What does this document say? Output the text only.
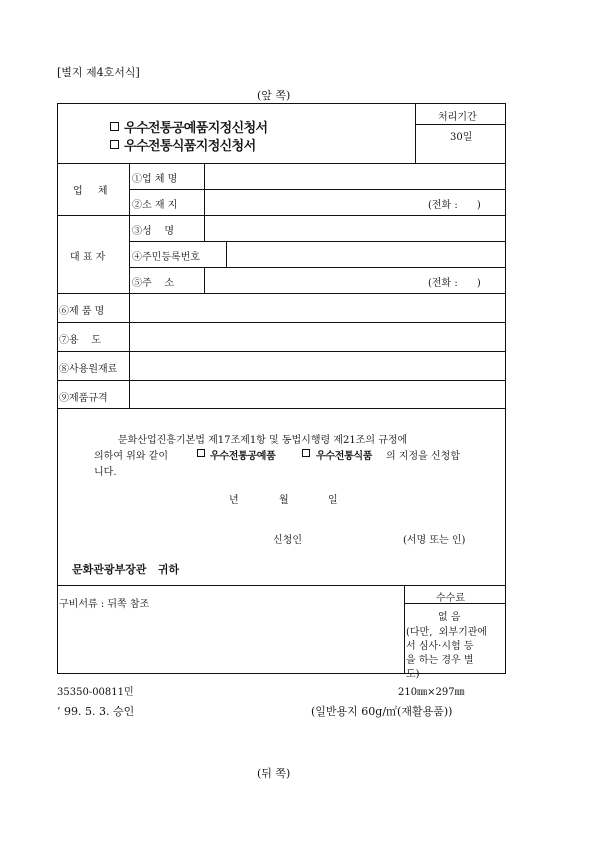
[별지 제4호서식]
(앞 쪽)
우수전통공예품지정신청서
우수전통식품지정신청서
처리기간
30일
업 체
①업 체 명
②소 재 지	(전화 :      )
대 표 자
③성    명
④주민등록번호
⑤주    소	(전화 :      )
⑥제 품 명
⑦용    도
⑧사용원재료
⑨제품규격
문화산업진흥기본법 제17조제1항 및 동법시행령 제21조의 규정에
의하여 위와 같이	우수전통공예품	우수전통식품 의 지정을 신청합
니다.
년	월	일
신청인	(서명 또는 인)
문화관광부장관   귀하
구비서류 : 뒤쪽 참조
수수료
없 음
(다만,  외부기관에
서 심사·시험 등
을 하는 경우 별
도)
35350-00811민
’ 99. 5. 3. 승인
210㎜×297㎜
(일반용지 60g/㎡(재활용품))
(뒤 쪽)
